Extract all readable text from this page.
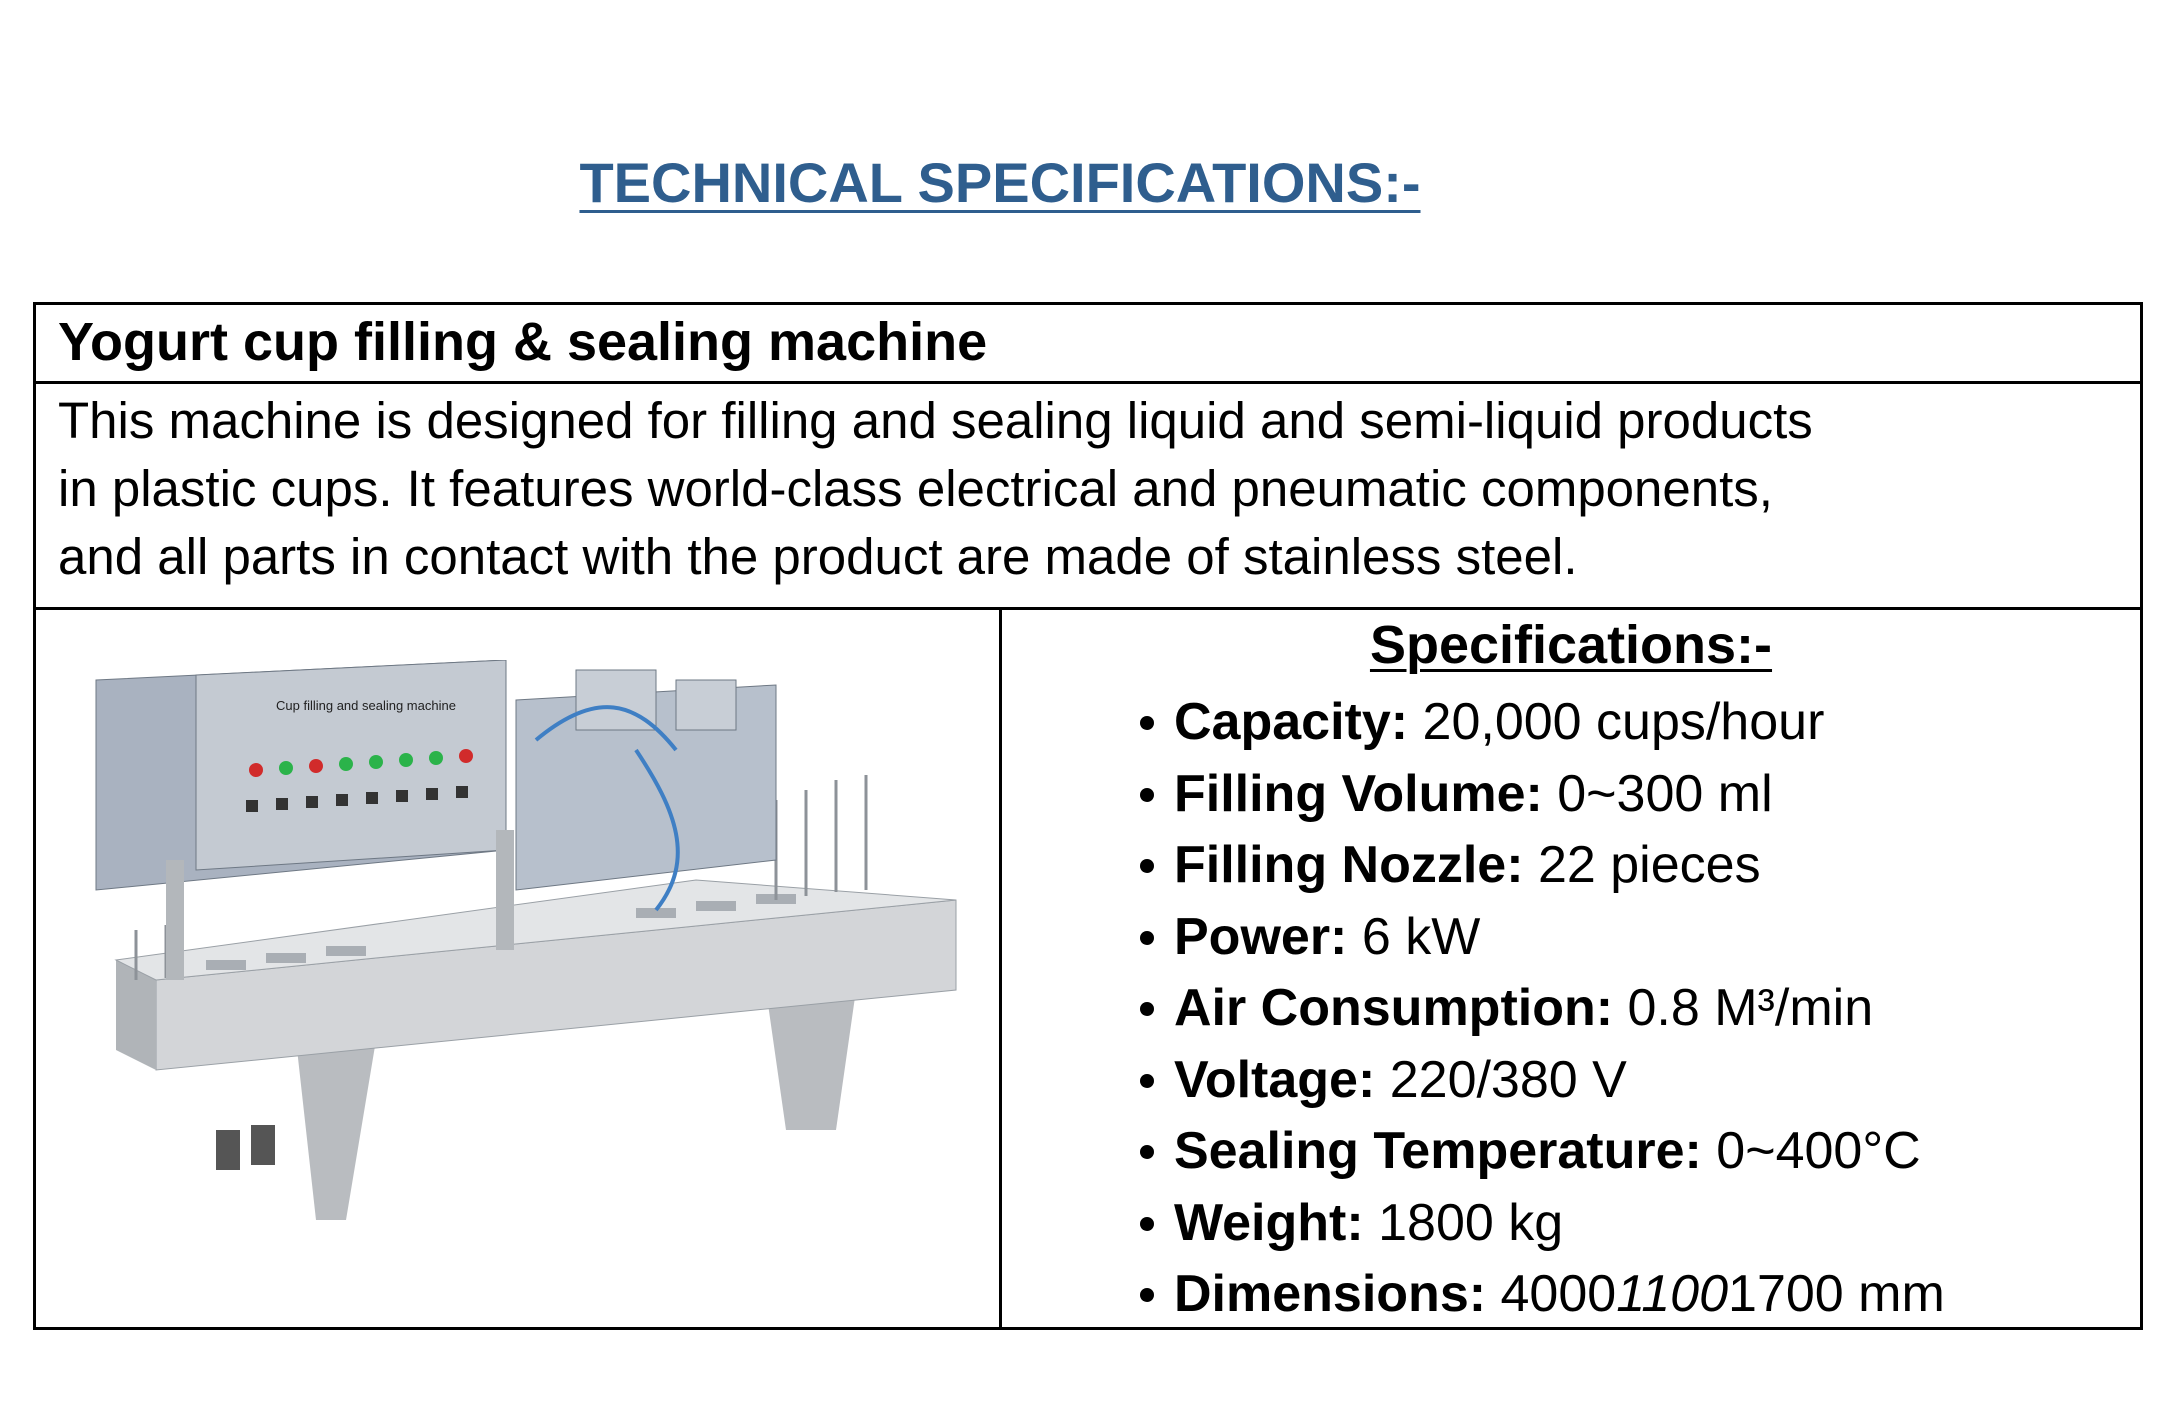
TECHNICAL SPECIFICATIONS:-
Yogurt cup filling & sealing machine
This machine is designed for filling and sealing liquid and semi-liquid products
in plastic cups. It features world-class electrical and pneumatic components,
and all parts in contact with the product are made of stainless steel.
Cup filling and sealing machine
Specifications:-
Capacity: 20,000 cups/hour
Filling Volume: 0~300 ml
Filling Nozzle: 22 pieces
Power: 6 kW
Air Consumption: 0.8 M³/min
Voltage: 220/380 V
Sealing Temperature: 0~400°C
Weight: 1800 kg
Dimensions: 400011001700 mm
